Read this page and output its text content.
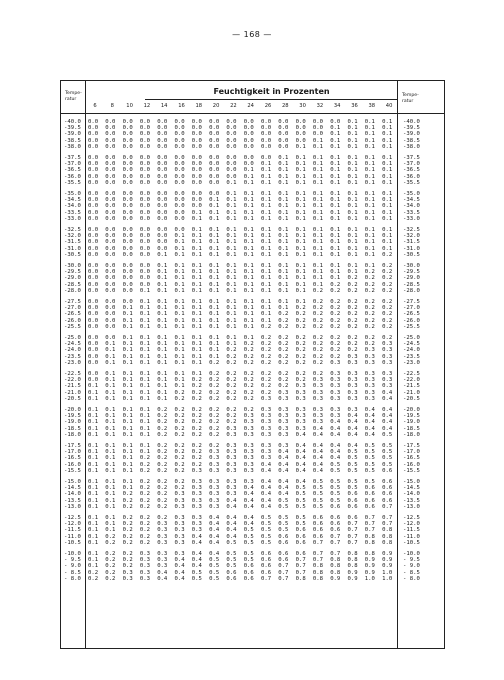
— 168 —
Feuchtigkeit in Prozenten
Tempe-
ratur
Tempe-
ratur
6	8	10	12	14	16	18	20	22	24	26	28	30	32	34	36	38	40
-40.0 0.0 0.0 0.0 0.0 0.0 0.0 0.0 0.0 0.0 0.0 0.0 0.0 0.0 0.0 0.0 0.1 0.1 0.1 -40.0
-39.5 0.0 0.0 0.0 0.0 0.0 0.0 0.0 0.0 0.0 0.0 0.0 0.0 0.0 0.0 0.1 0.1 0.1 0.1 -39.5
-39.0 0.0 0.0 0.0 0.0 0.0 0.0 0.0 0.0 0.0 0.0 0.0 0.0 0.0 0.0 0.1 0.1 0.1 0.1 -39.0
-38.5 0.0 0.0 0.0 0.0 0.0 0.0 0.0 0.0 0.0 0.0 0.0 0.0 0.0 0.1 0.1 0.1 0.1 0.1 -38.5
-38.0 0.0 0.0 0.0 0.0 0.0 0.0 0.0 0.0 0.0 0.0 0.0 0.0 0.1 0.1 0.1 0.1 0.1 0.1 -38.0
-37.5 0.0 0.0 0.0 0.0 0.0 0.0 0.0 0.0 0.0 0.0 0.0 0.1 0.1 0.1 0.1 0.1 0.1 0.1 -37.5
-37.0 0.0 0.0 0.0 0.0 0.0 0.0 0.0 0.0 0.0 0.0 0.1 0.1 0.1 0.1 0.1 0.1 0.1 0.1 -37.0
-36.5 0.0 0.0 0.0 0.0 0.0 0.0 0.0 0.0 0.0 0.1 0.1 0.1 0.1 0.1 0.1 0.1 0.1 0.1 -36.5
-36.0 0.0 0.0 0.0 0.0 0.0 0.0 0.0 0.0 0.0 0.1 0.1 0.1 0.1 0.1 0.1 0.1 0.1 0.1 -36.0
-35.5 0.0 0.0 0.0 0.0 0.0 0.0 0.0 0.0 0.1 0.1 0.1 0.1 0.1 0.1 0.1 0.1 0.1 0.1 -35.5
-35.0 0.0 0.0 0.0 0.0 0.0 0.0 0.0 0.0 0.1 0.1 0.1 0.1 0.1 0.1 0.1 0.1 0.1 0.1 -35.0
-34.5 0.0 0.0 0.0 0.0 0.0 0.0 0.0 0.1 0.1 0.1 0.1 0.1 0.1 0.1 0.1 0.1 0.1 0.1 -34.5
-34.0 0.0 0.0 0.0 0.0 0.0 0.0 0.0 0.1 0.1 0.1 0.1 0.1 0.1 0.1 0.1 0.1 0.1 0.1 -34.0
-33.5 0.0 0.0 0.0 0.0 0.0 0.0 0.1 0.1 0.1 0.1 0.1 0.1 0.1 0.1 0.1 0.1 0.1 0.1 -33.5
-33.0 0.0 0.0 0.0 0.0 0.0 0.0 0.1 0.1 0.1 0.1 0.1 0.1 0.1 0.1 0.1 0.1 0.1 0.1 -33.0
-32.5 0.0 0.0 0.0 0.0 0.0 0.0 0.1 0.1 0.1 0.1 0.1 0.1 0.1 0.1 0.1 0.1 0.1 0.1 -32.5
-32.0 0.0 0.0 0.0 0.0 0.0 0.1 0.1 0.1 0.1 0.1 0.1 0.1 0.1 0.1 0.1 0.1 0.1 0.1 -32.0
-31.5 0.0 0.0 0.0 0.0 0.0 0.1 0.1 0.1 0.1 0.1 0.1 0.1 0.1 0.1 0.1 0.1 0.1 0.1 -31.5
-31.0 0.0 0.0 0.0 0.0 0.0 0.1 0.1 0.1 0.1 0.1 0.1 0.1 0.1 0.1 0.1 0.1 0.1 0.1 -31.0
-30.5 0.0 0.0 0.0 0.0 0.1 0.1 0.1 0.1 0.1 0.1 0.1 0.1 0.1 0.1 0.1 0.1 0.1 0.2 -30.5
-30.0 0.0 0.0 0.0 0.0 0.1 0.1 0.1 0.1 0.1 0.1 0.1 0.1 0.1 0.1 0.1 0.1 0.1 0.2 -30.0
-29.5 0.0 0.0 0.0 0.0 0.1 0.1 0.1 0.1 0.1 0.1 0.1 0.1 0.1 0.1 0.1 0.1 0.2 0.2 -29.5
-29.0 0.0 0.0 0.0 0.0 0.1 0.1 0.1 0.1 0.1 0.1 0.1 0.1 0.1 0.1 0.1 0.2 0.2 0.2 -29.0
-28.5 0.0 0.0 0.0 0.0 0.1 0.1 0.1 0.1 0.1 0.1 0.1 0.1 0.1 0.1 0.2 0.2 0.2 0.2 -28.5
-28.0 0.0 0.0 0.0 0.1 0.1 0.1 0.1 0.1 0.1 0.1 0.1 0.1 0.1 0.2 0.2 0.2 0.2 0.2 -28.0
-27.5 0.0 0.0 0.0 0.1 0.1 0.1 0.1 0.1 0.1 0.1 0.1 0.1 0.1 0.2 0.2 0.2 0.2 0.2 -27.5
-27.0 0.0 0.0 0.1 0.1 0.1 0.1 0.1 0.1 0.1 0.1 0.1 0.1 0.2 0.2 0.2 0.2 0.2 0.2 -27.0
-26.5 0.0 0.0 0.1 0.1 0.1 0.1 0.1 0.1 0.1 0.1 0.1 0.2 0.2 0.2 0.2 0.2 0.2 0.2 -26.5
-26.0 0.0 0.0 0.1 0.1 0.1 0.1 0.1 0.1 0.1 0.1 0.1 0.2 0.2 0.2 0.2 0.2 0.2 0.2 -26.0
-25.5 0.0 0.0 0.1 0.1 0.1 0.1 0.1 0.1 0.1 0.1 0.2 0.2 0.2 0.2 0.2 0.2 0.2 0.2 -25.5
-25.0 0.0 0.0 0.1 0.1 0.1 0.1 0.1 0.1 0.1 0.1 0.2 0.2 0.2 0.2 0.2 0.2 0.2 0.2 -25.0
-24.5 0.0 0.1 0.1 0.1 0.1 0.1 0.1 0.1 0.1 0.2 0.2 0.2 0.2 0.2 0.2 0.2 0.2 0.3 -24.5
-24.0 0.0 0.1 0.1 0.1 0.1 0.1 0.1 0.1 0.2 0.2 0.2 0.2 0.2 0.2 0.2 0.2 0.3 0.3 -24.0
-23.5 0.0 0.1 0.1 0.1 0.1 0.1 0.1 0.1 0.2 0.2 0.2 0.2 0.2 0.2 0.2 0.3 0.3 0.3 -23.5
-23.0 0.0 0.1 0.1 0.1 0.1 0.1 0.1 0.2 0.2 0.2 0.2 0.2 0.2 0.2 0.3 0.3 0.3 0.3 -23.0
-22.5 0.0 0.1 0.1 0.1 0.1 0.1 0.1 0.2 0.2 0.2 0.2 0.2 0.2 0.2 0.3 0.3 0.3 0.3 -22.5
-22.0 0.0 0.1 0.1 0.1 0.1 0.1 0.2 0.2 0.2 0.2 0.2 0.2 0.2 0.3 0.3 0.3 0.3 0.3 -22.0
-21.5 0.1 0.1 0.1 0.1 0.1 0.1 0.2 0.2 0.2 0.2 0.2 0.2 0.3 0.3 0.3 0.3 0.3 0.3 -21.5
-21.0 0.1 0.1 0.1 0.1 0.1 0.2 0.2 0.2 0.2 0.2 0.2 0.3 0.3 0.3 0.3 0.3 0.3 0.4 -21.0
-20.5 0.1 0.1 0.1 0.1 0.1 0.2 0.2 0.2 0.2 0.2 0.3 0.3 0.3 0.3 0.3 0.3 0.3 0.4 -20.5
-20.0 0.1 0.1 0.1 0.1 0.2 0.2 0.2 0.2 0.2 0.2 0.3 0.3 0.3 0.3 0.3 0.3 0.4 0.4 -20.0
-19.5 0.1 0.1 0.1 0.1 0.2 0.2 0.2 0.2 0.2 0.3 0.3 0.3 0.3 0.3 0.3 0.4 0.4 0.4 -19.5
-19.0 0.1 0.1 0.1 0.1 0.2 0.2 0.2 0.2 0.2 0.3 0.3 0.3 0.3 0.3 0.4 0.4 0.4 0.4 -19.0
-18.5 0.1 0.1 0.1 0.1 0.2 0.2 0.2 0.2 0.3 0.3 0.3 0.3 0.3 0.4 0.4 0.4 0.4 0.4 -18.5
-18.0 0.1 0.1 0.1 0.1 0.2 0.2 0.2 0.2 0.3 0.3 0.3 0.3 0.4 0.4 0.4 0.4 0.4 0.5 -18.0
-17.5 0.1 0.1 0.1 0.1 0.2 0.2 0.2 0.2 0.3 0.3 0.3 0.3 0.4 0.4 0.4 0.4 0.5 0.5 -17.5
-17.0 0.1 0.1 0.1 0.1 0.2 0.2 0.2 0.3 0.3 0.3 0.3 0.4 0.4 0.4 0.4 0.5 0.5 0.5 -17.0
-16.5 0.1 0.1 0.1 0.2 0.2 0.2 0.2 0.3 0.3 0.3 0.3 0.4 0.4 0.4 0.4 0.5 0.5 0.5 -16.5
-16.0 0.1 0.1 0.1 0.2 0.2 0.2 0.2 0.3 0.3 0.3 0.4 0.4 0.4 0.4 0.5 0.5 0.5 0.5 -16.0
-15.5 0.1 0.1 0.1 0.2 0.2 0.2 0.3 0.3 0.3 0.3 0.4 0.4 0.4 0.4 0.5 0.5 0.5 0.6 -15.5
-15.0 0.1 0.1 0.1 0.2 0.2 0.2 0.3 0.3 0.3 0.3 0.4 0.4 0.4 0.5 0.5 0.5 0.5 0.6 -15.0
-14.5 0.1 0.1 0.1 0.2 0.2 0.2 0.3 0.3 0.3 0.4 0.4 0.4 0.5 0.5 0.5 0.5 0.6 0.6 -14.5
-14.0 0.1 0.1 0.2 0.2 0.2 0.3 0.3 0.3 0.3 0.4 0.4 0.4 0.5 0.5 0.5 0.6 0.6 0.6 -14.0
-13.5 0.1 0.1 0.2 0.2 0.2 0.3 0.3 0.3 0.4 0.4 0.4 0.5 0.5 0.5 0.5 0.6 0.6 0.6 -13.5
-13.0 0.1 0.1 0.2 0.2 0.2 0.3 0.3 0.3 0.4 0.4 0.4 0.5 0.5 0.5 0.6 0.6 0.6 0.7 -13.0
-12.5 0.1 0.1 0.2 0.2 0.2 0.3 0.3 0.4 0.4 0.4 0.5 0.5 0.5 0.6 0.6 0.6 0.7 0.7 -12.5
-12.0 0.1 0.1 0.2 0.2 0.3 0.3 0.3 0.4 0.4 0.4 0.5 0.5 0.5 0.6 0.6 0.7 0.7 0.7 -12.0
-11.5 0.1 0.1 0.2 0.2 0.3 0.3 0.3 0.4 0.4 0.5 0.5 0.5 0.6 0.6 0.6 0.7 0.7 0.8 -11.5
-11.0 0.1 0.2 0.2 0.2 0.3 0.3 0.4 0.4 0.4 0.5 0.5 0.6 0.6 0.6 0.7 0.7 0.8 0.8 -11.0
-10.5 0.1 0.2 0.2 0.2 0.3 0.3 0.4 0.4 0.5 0.5 0.5 0.6 0.6 0.7 0.7 0.7 0.8 0.8 -10.5
-10.0 0.1 0.2 0.2 0.3 0.3 0.3 0.4 0.4 0.5 0.5 0.6 0.6 0.6 0.7 0.7 0.8 0.8 0.9 -10.0
- 9.5 0.1 0.2 0.2 0.3 0.3 0.4 0.4 0.5 0.5 0.5 0.6 0.6 0.7 0.7 0.8 0.8 0.9 0.9 - 9.5
- 9.0 0.1 0.2 0.2 0.3 0.3 0.4 0.4 0.5 0.5 0.6 0.6 0.7 0.7 0.8 0.8 0.8 0.9 0.9 - 9.0
- 8.5 0.2 0.2 0.3 0.3 0.4 0.4 0.5 0.5 0.6 0.6 0.6 0.7 0.7 0.8 0.8 0.9 0.9 1.0 - 8.5
- 8.0 0.2 0.2 0.3 0.3 0.4 0.4 0.5 0.5 0.6 0.6 0.7 0.7 0.8 0.8 0.9 0.9 1.0 1.0 - 8.0
